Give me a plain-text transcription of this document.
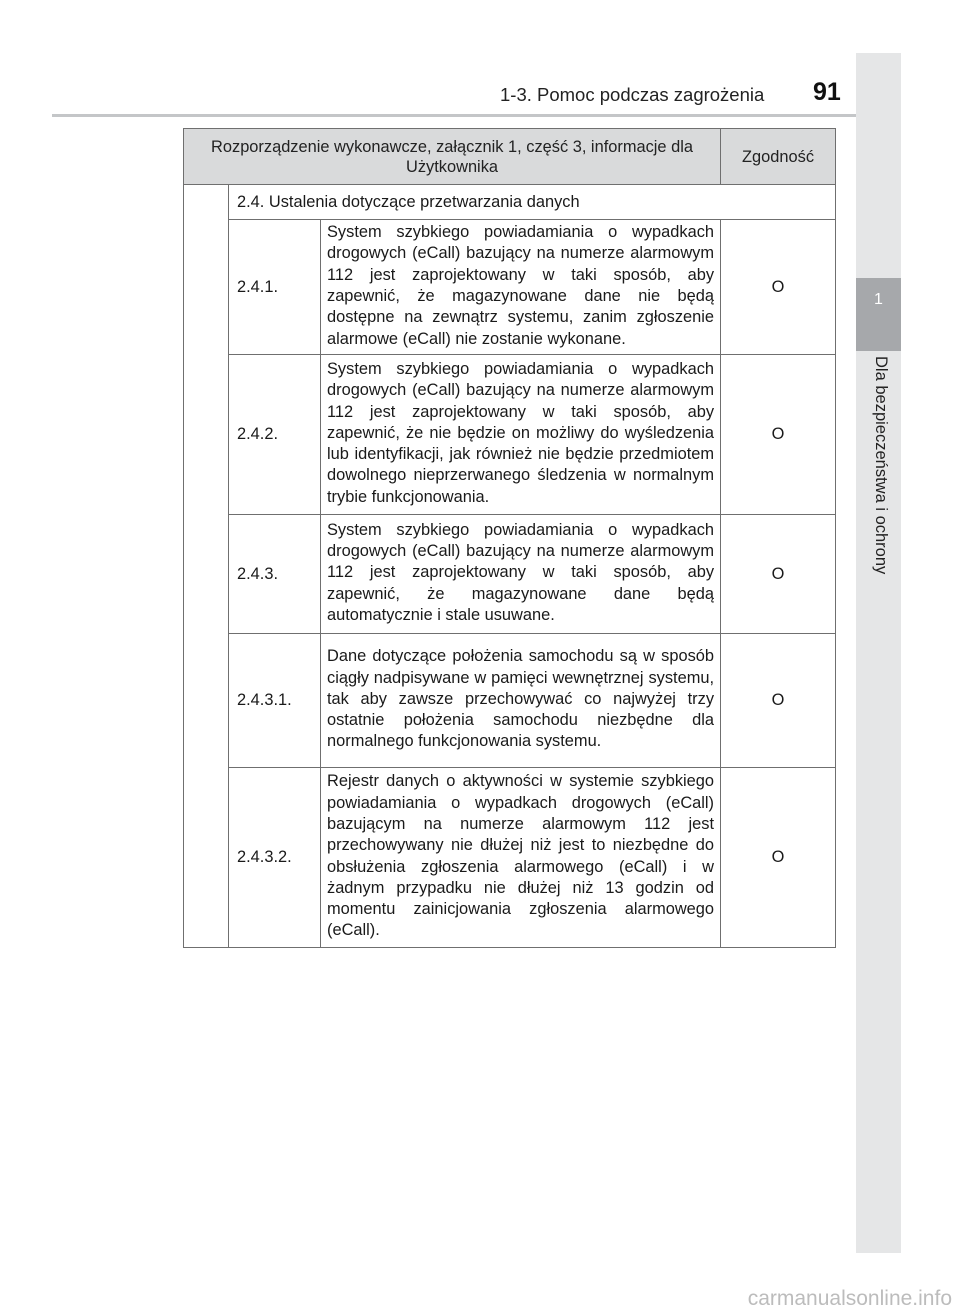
1-3. Pomoc podczas zagrożenia 91
1
Dla bezpieczeństwa i ochrony
Rozporządzenie wykonawcze, załącznik 1, część 3, informacje dla Użytkownika			Zgodność
	2.4. Ustalenia dotyczące przetwarzania danych		
	2.4.1.	System szybkiego powiadamiania o wypadkach drogowych (eCall) bazujący na numerze alarmowym 112 jest zaprojektowany w taki sposób, aby zapewnić, że magazynowane dane nie będą dostępne na zewnątrz systemu, zanim zgłoszenie alarmowe (eCall) nie zostanie wykonane.	O
	2.4.2.	System szybkiego powiadamiania o wypadkach drogowych (eCall) bazujący na numerze alarmowym 112 jest zaprojektowany w taki sposób, aby zapewnić, że nie będzie on możliwy do wyśledzenia lub identyfikacji, jak również nie będzie przedmiotem dowolnego nieprzerwanego śledzenia w normalnym trybie funkcjonowania.	O
	2.4.3.	System szybkiego powiadamiania o wypadkach drogowych (eCall) bazujący na numerze alarmowym 112 jest zaprojektowany w taki sposób, aby zapewnić, że magazynowane dane będą automatycznie i stale usuwane.	O
	2.4.3.1.	Dane dotyczące położenia samochodu są w sposób ciągły nadpisywane w pamięci wewnętrznej systemu, tak aby zawsze przechowywać co najwyżej trzy ostatnie położenia samochodu niezbędne dla normalnego funkcjonowania systemu.	O
	2.4.3.2.	Rejestr danych o aktywności w systemie szybkiego powiadamiania o wypadkach drogowych (eCall) bazującym na numerze alarmowym 112 jest przechowywany nie dłużej niż jest to niezbędne do obsłużenia zgłoszenia alarmowego (eCall) i w żadnym przypadku nie dłużej niż 13 godzin od momentu zainicjowania zgłoszenia alarmowego (eCall).	O
carmanualsonline.info
